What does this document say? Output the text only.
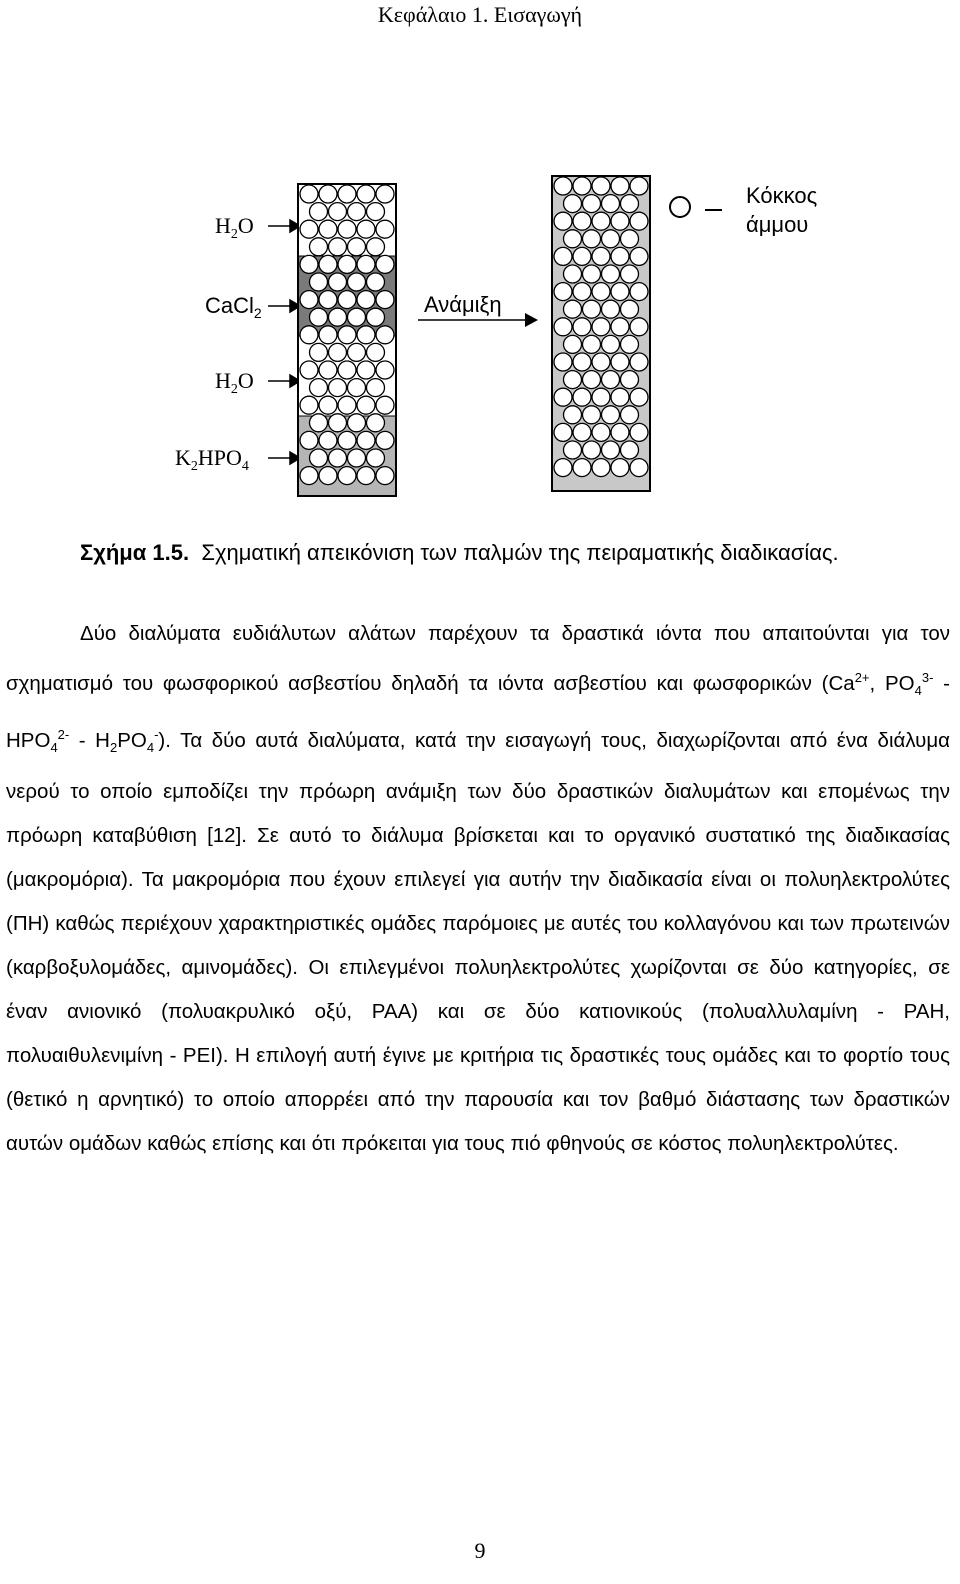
Κεφάλαιο 1. Εισαγωγή
$H_2O$
CaCl$_2$
$H_2O$
$K_2HPO_4$
Ανάμιξη
Κόκκος
άμμου
Σχήμα 1.5. Σχηματική απεικόνιση των παλμών της πειραματικής διαδικασίας.

Δύο διαλύματα ευδιάλυτων αλάτων παρέχουν τα δραστικά ιόντα που απαιτούνται για τον σχηματισμό του φωσφορικού ασβεστίου δηλαδή τα ιόντα ασβεστίου και φωσφορικών ($Ca^{2+}$, $PO_4^{3-} - HPO_4^{2-} - H_2PO_4^-$). Τα δύο αυτά διαλύματα, κατά την εισαγωγή τους, διαχωρίζονται από ένα διάλυμα νερού το οποίο εμποδίζει την πρόωρη ανάμιξη των δύο δραστικών διαλυμάτων και επομένως την πρόωρη καταβύθιση [12]. Σε αυτό το διάλυμα βρίσκεται και το οργανικό συστατικό της διαδικασίας (μακρομόρια). Τα μακρομόρια που έχουν επιλεγεί για αυτήν την διαδικασία είναι οι πολυηλεκτρολύτες (ΠΗ) καθώς περιέχουν χαρακτηριστικές ομάδες παρόμοιες με αυτές του κολλαγόνου και των πρωτεινών (καρβοξυλομάδες, αμινομάδες). Οι επιλεγμένοι πολυηλεκτρολύτες χωρίζονται σε δύο κατηγορίες, σε έναν ανιονικό (πολυακρυλικό οξύ, PAA) και σε δύο κατιονικούς (πολυαλλυλαμίνη - PAH, πολυαιθυλενιμίνη - PEI). Η επιλογή αυτή έγινε με κριτήρια τις δραστικές τους ομάδες και το φορτίο τους (θετικό η αρνητικό) το οποίο απορρέει από την παρουσία και τον βαθμό διάστασης των δραστικών αυτών ομάδων καθώς επίσης και ότι πρόκειται για τους πιό φθηνούς σε κόστος πολυηλεκτρολύτες.

9
